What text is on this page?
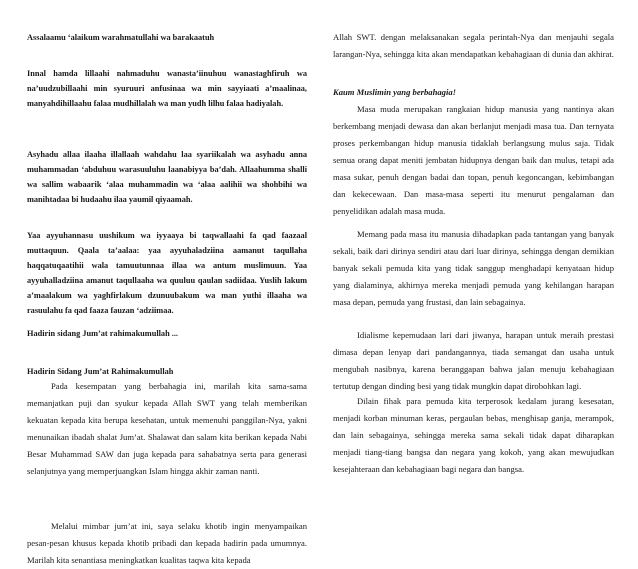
Assalaamu ‘alaikum warahmatullahi wa barakaatuh

Innal hamda lillaahi nahmaduhu wanasta’iinuhuu wanastaghfiruh wa na’uudzubillaahi min syuruuri anfusinaa wa min sayyiaati a’maalinaa, manyahdihillaahu falaa mudhillalah wa man yudh lilhu falaa hadiyalah.

Asyhadu allaa ilaaha illallaah wahdahu laa syariikalah wa asyhadu anna muhammadan ‘abduhuu warasuuluhu laanabiyya ba’dah. Allaahumma shalli wa sallim wabaarik ‘alaa muhammadin wa ‘alaa aalihii wa shohbihi wa manihtadaa bi hudaahu ilaa yaumil qiyaamah.

Yaa ayyuhannasu uushikum wa iyyaaya bi taqwallaahi fa qad faazaal muttaquun. Qaala ta’aalaa: yaa ayyuhaladziina aamanut taqullaha haqqatuqaatihii wala tamuutunnaa illaa wa antum muslimuun. Yaa ayyuhalladziina amanut taqullaaha wa quuluu qaulan sadiidaa. Yuslih lakum a’maalakum wa yaghfirlakum dzunuubakum wa man yuthi illaaha wa rasuulahu fa qad faaza fauzan ‘adziimaa.

Hadirin sidang Jum’at rahimakumullah ...

Hadirin Sidang Jum’at Rahimakumullah

Pada kesempatan yang berbahagia ini, marilah kita sama-sama memanjatkan puji dan syukur kepada Allah SWT yang telah memberikan kekuatan kepada kita berupa kesehatan, untuk memenuhi panggilan-Nya, yakni menunaikan ibadah shalat Jum’at. Shalawat dan salam kita berikan kepada Nabi Besar Muhammad SAW dan juga kepada para sahabatnya serta para generasi selanjutnya yang memperjuangkan Islam hingga akhir zaman nanti.

Melalui mimbar jum’at ini, saya selaku khotib ingin menyampaikan pesan-pesan khusus kepada khotib pribadi dan kepada hadirin pada umumnya. Marilah kita senantiasa meningkatkan kualitas taqwa kita kepada

Allah SWT. dengan melaksanakan segala perintah-Nya dan menjauhi segala larangan-Nya, sehingga kita akan mendapatkan kebahagiaan di dunia dan akhirat.

Kaum Muslimin yang berbahagia!

Masa muda merupakan rangkaian hidup manusia yang nantinya akan berkembang menjadi dewasa dan akan berlanjut menjadi masa tua. Dan ternyata proses perkembangan hidup manusia tidaklah berlangsung mulus saja. Tidak semua orang dapat meniti jembatan hidupnya dengan baik dan mulus, tetapi ada masa sukar, penuh dengan badai dan topan, penuh kegoncangan, kebimbangan dan kekecewaan. Dan masa-masa seperti itu menurut pengalaman dan penyelidikan adalah masa muda.

Memang pada masa itu manusia dihadapkan pada tantangan yang banyak sekali, baik dari dirinya sendiri atau dari luar dirinya, sehingga dengan demikian banyak sekali pemuda kita yang tidak sanggup menghadapi kenyataan hidup yang dialaminya, akhirnya mereka menjadi pemuda yang kehilangan harapan masa depan, pemuda yang frustasi, dan lain sebagainya.

Idialisme kepemudaan lari dari jiwanya, harapan untuk meraih prestasi dimasa depan lenyap dari pandangannya, tiada semangat dan usaha untuk mengubah nasibnya, karena beranggapan bahwa jalan menuju kebahagiaan tertutup dengan dinding besi yang tidak mungkin dapat dirobohkan lagi.

Dilain fihak para pemuda kita terperosok kedalam jurang kesesatan, menjadi korban minuman keras, pergaulan bebas, menghisap ganja, merampok, dan lain sebagainya, sehingga mereka sama sekali tidak dapat diharapkan menjadi tiang-tiang bangsa dan negara yang kokoh, yang akan mewujudkan kesejahteraan dan kebahagiaan bagi negara dan bangsa.
